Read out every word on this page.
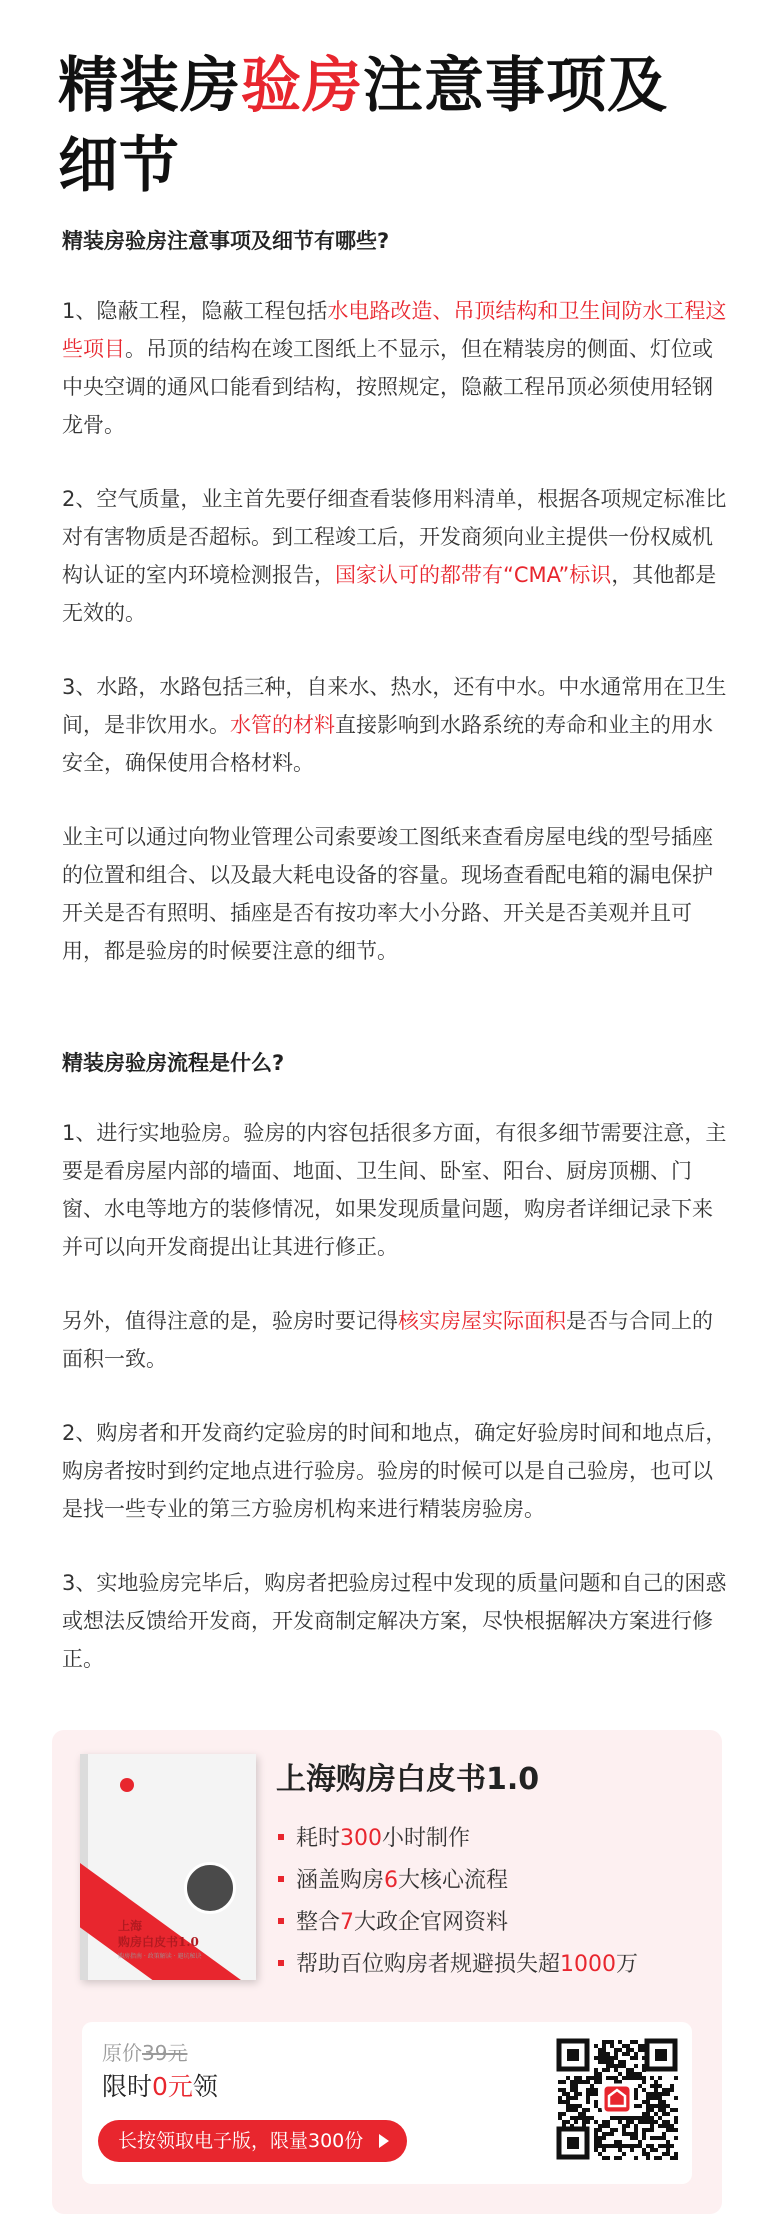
精装房验房注意事项及细节

精装房验房注意事项及细节有哪些?

1、隐蔽工程，隐蔽工程包括水电路改造、吊顶结构和卫生间防水工程这些项目。吊顶的结构在竣工图纸上不显示，但在精装房的侧面、灯位或中央空调的通风口能看到结构，按照规定，隐蔽工程吊顶必须使用轻钢龙骨。

2、空气质量，业主首先要仔细查看装修用料清单，根据各项规定标准比对有害物质是否超标。到工程竣工后，开发商须向业主提供一份权威机构认证的室内环境检测报告，国家认可的都带有“CMA”标识，其他都是无效的。

3、水路，水路包括三种，自来水、热水，还有中水。中水通常用在卫生间，是非饮用水。水管的材料直接影响到水路系统的寿命和业主的用水安全，确保使用合格材料。

业主可以通过向物业管理公司索要竣工图纸来查看房屋电线的型号插座的位置和组合、以及最大耗电设备的容量。现场查看配电箱的漏电保护开关是否有照明、插座是否有按功率大小分路、开关是否美观并且可用，都是验房的时候要注意的细节。

精装房验房流程是什么?

1、进行实地验房。验房的内容包括很多方面，有很多细节需要注意，主要是看房屋内部的墙面、地面、卫生间、卧室、阳台、厨房顶棚、门窗、水电等地方的装修情况，如果发现质量问题，购房者详细记录下来并可以向开发商提出让其进行修正。

另外，值得注意的是，验房时要记得核实房屋实际面积是否与合同上的面积一致。

2、购房者和开发商约定验房的时间和地点，确定好验房时间和地点后，购房者按时到约定地点进行验房。验房的时候可以是自己验房，也可以是找一些专业的第三方验房机构来进行精装房验房。

3、实地验房完毕后，购房者把验房过程中发现的质量问题和自己的困惑或想法反馈给开发商，开发商制定解决方案，尽快根据解决方案进行修正。

上海
购房白皮书1.0
购房指南 · 政策解读 · 避坑秘诀

上海购房白皮书1.0

耗时300小时制作
涵盖购房6大核心流程
整合7大政企官网资料
帮助百位购房者规避损失超1000万
原价39元
限时0元领
长按领取电子版，限量300份
